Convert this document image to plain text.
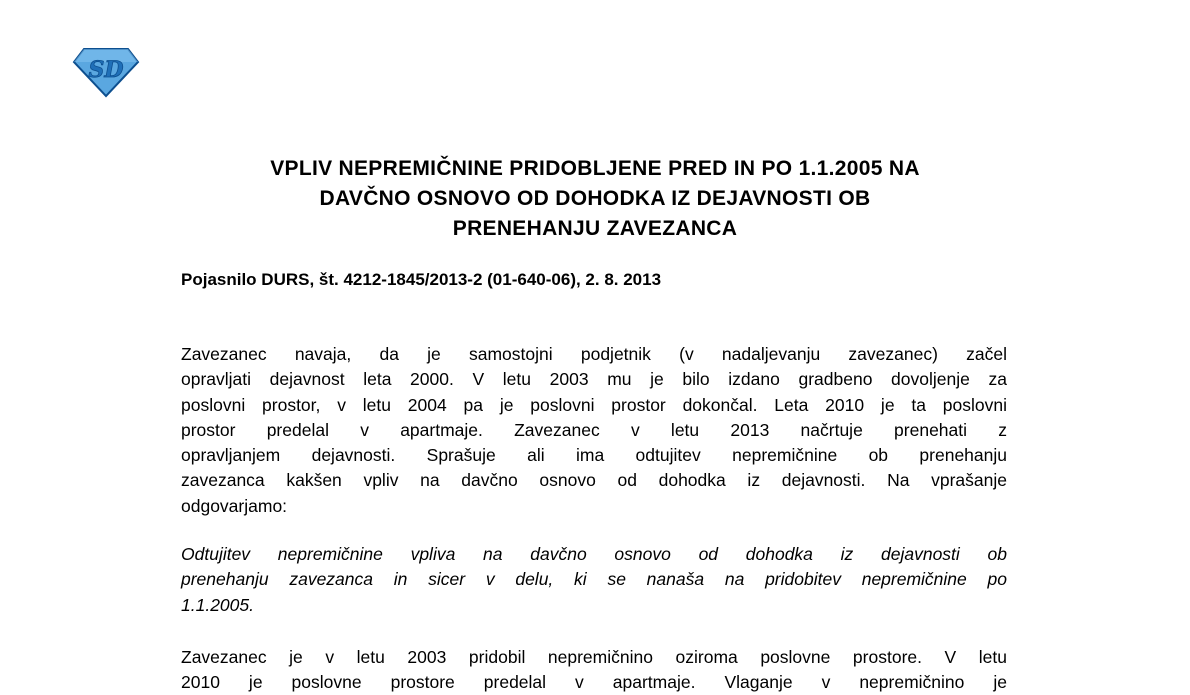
SD
VPLIV NEPREMIČNINE PRIDOBLJENE PRED IN PO 1.1.2005 NA
DAVČNO OSNOVO OD DOHODKA IZ DEJAVNOSTI OB
PRENEHANJU ZAVEZANCA
Pojasnilo DURS, št. 4212-1845/2013-2 (01-640-06), 2. 8. 2013
Zavezanec navaja, da je samostojni podjetnik (v nadaljevanju zavezanec) začel
opravljati dejavnost leta 2000. V letu 2003 mu je bilo izdano gradbeno dovoljenje za
poslovni prostor, v letu 2004 pa je poslovni prostor dokončal. Leta 2010 je ta poslovni
prostor predelal v apartmaje. Zavezanec v letu 2013 načrtuje prenehati z
opravljanjem dejavnosti. Sprašuje ali ima odtujitev nepremičnine ob prenehanju
zavezanca kakšen vpliv na davčno osnovo od dohodka iz dejavnosti. Na vprašanje
odgovarjamo:
Odtujitev nepremičnine vpliva na davčno osnovo od dohodka iz dejavnosti ob
prenehanju zavezanca in sicer v delu, ki se nanaša na pridobitev nepremičnine po
1.1.2005.
Zavezanec je v letu 2003 pridobil nepremičnino oziroma poslovne prostore. V letu
2010 je poslovne prostore predelal v apartmaje. Vlaganje v nepremičnino je
